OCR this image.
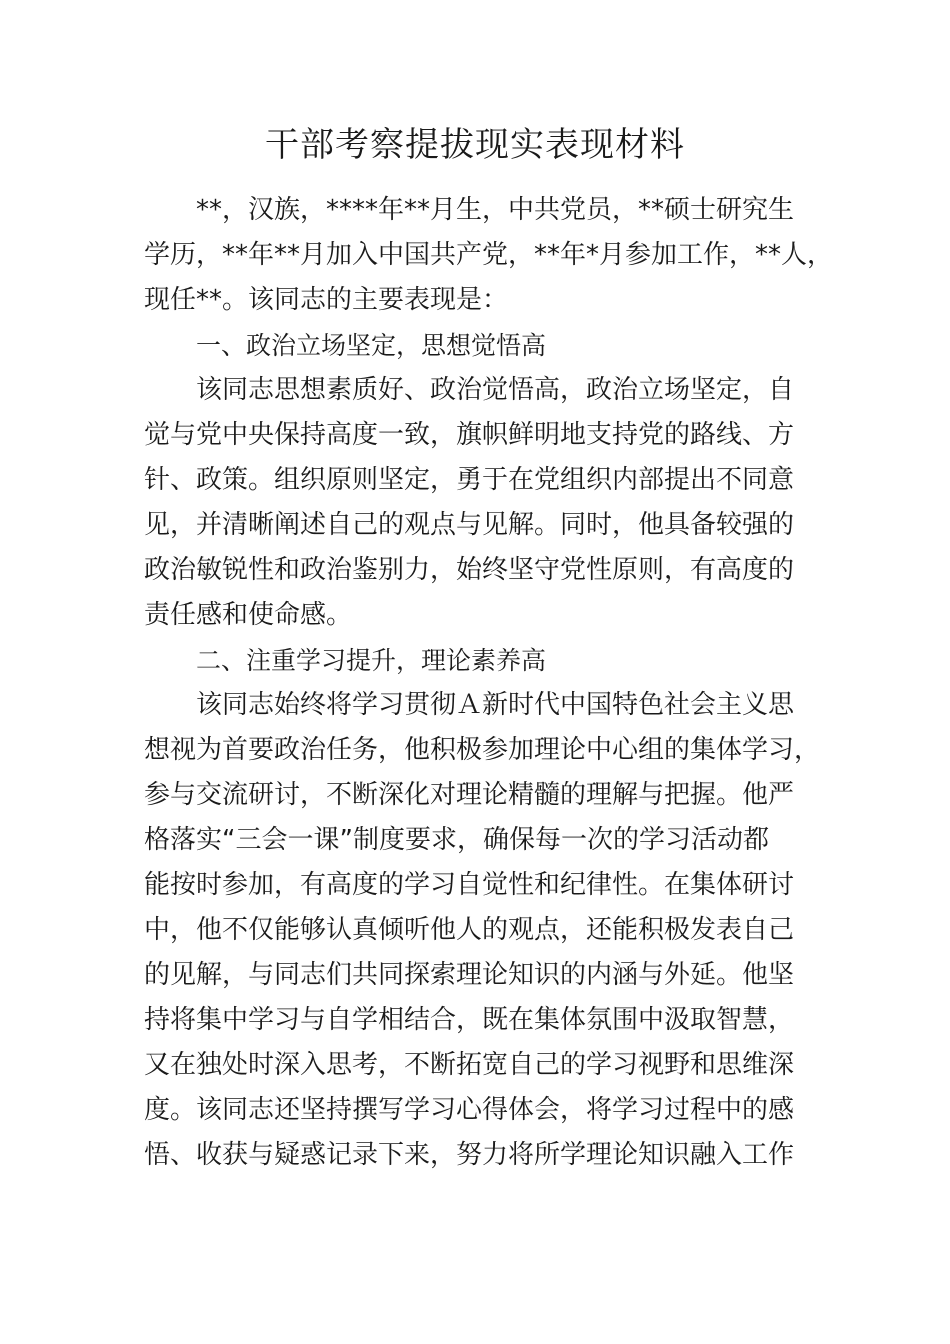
干部考察提拔现实表现材料
**，汉族，****年**月生，中共党员，**硕士研究生
学历，**年**月加入中国共产党，**年*月参加工作，**人，
现任**。该同志的主要表现是：
一、政治立场坚定，思想觉悟高
该同志思想素质好、政治觉悟高，政治立场坚定，自
觉与党中央保持高度一致，旗帜鲜明地支持党的路线、方
针、政策。组织原则坚定，勇于在党组织内部提出不同意
见，并清晰阐述自己的观点与见解。同时，他具备较强的
政治敏锐性和政治鉴别力，始终坚守党性原则，有高度的
责任感和使命感。
二、注重学习提升，理论素养高
该同志始终将学习贯彻Ａ新时代中国特色社会主义思
想视为首要政治任务，他积极参加理论中心组的集体学习，
参与交流研讨，不断深化对理论精髓的理解与把握。他严
格落实“三会一课”制度要求，确保每一次的学习活动都
能按时参加，有高度的学习自觉性和纪律性。在集体研讨
中，他不仅能够认真倾听他人的观点，还能积极发表自己
的见解，与同志们共同探索理论知识的内涵与外延。他坚
持将集中学习与自学相结合，既在集体氛围中汲取智慧，
又在独处时深入思考，不断拓宽自己的学习视野和思维深
度。该同志还坚持撰写学习心得体会，将学习过程中的感
悟、收获与疑惑记录下来，努力将所学理论知识融入工作
